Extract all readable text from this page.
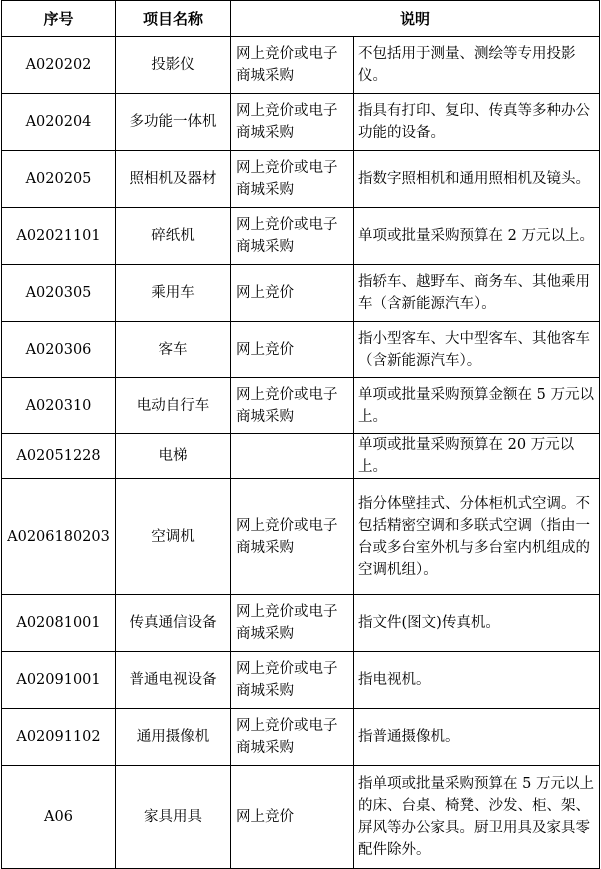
序号	项目名称	说明	
A020202	投影仪	网上竞价或电子商城采购	不包括用于测量、测绘等专用投影仪。
A020204	多功能一体机	网上竞价或电子商城采购	指具有打印、复印、传真等多种办公功能的设备。
A020205	照相机及器材	网上竞价或电子商城采购	指数字照相机和通用照相机及镜头。
A02021101	碎纸机	网上竞价或电子商城采购	单项或批量采购预算在 2 万元以上。
A020305	乘用车	网上竞价	指轿车、越野车、商务车、其他乘用车（含新能源汽车）。
A020306	客车	网上竞价	指小型客车、大中型客车、其他客车（含新能源汽车）。
A020310	电动自行车	网上竞价或电子商城采购	单项或批量采购预算金额在 5 万元以上。
A02051228	电梯		单项或批量采购预算在 20 万元以上。
A0206180203	空调机	网上竞价或电子商城采购	指分体壁挂式、分体柜机式空调。不包括精密空调和多联式空调（指由一台或多台室外机与多台室内机组成的空调机组）。
A02081001	传真通信设备	网上竞价或电子商城采购	指文件(图文)传真机。
A02091001	普通电视设备	网上竞价或电子商城采购	指电视机。
A02091102	通用摄像机	网上竞价或电子商城采购	指普通摄像机。
A06	家具用具	网上竞价	指单项或批量采购预算在 5 万元以上的床、台桌、椅凳、沙发、柜、架、屏风等办公家具。厨卫用具及家具零配件除外。
